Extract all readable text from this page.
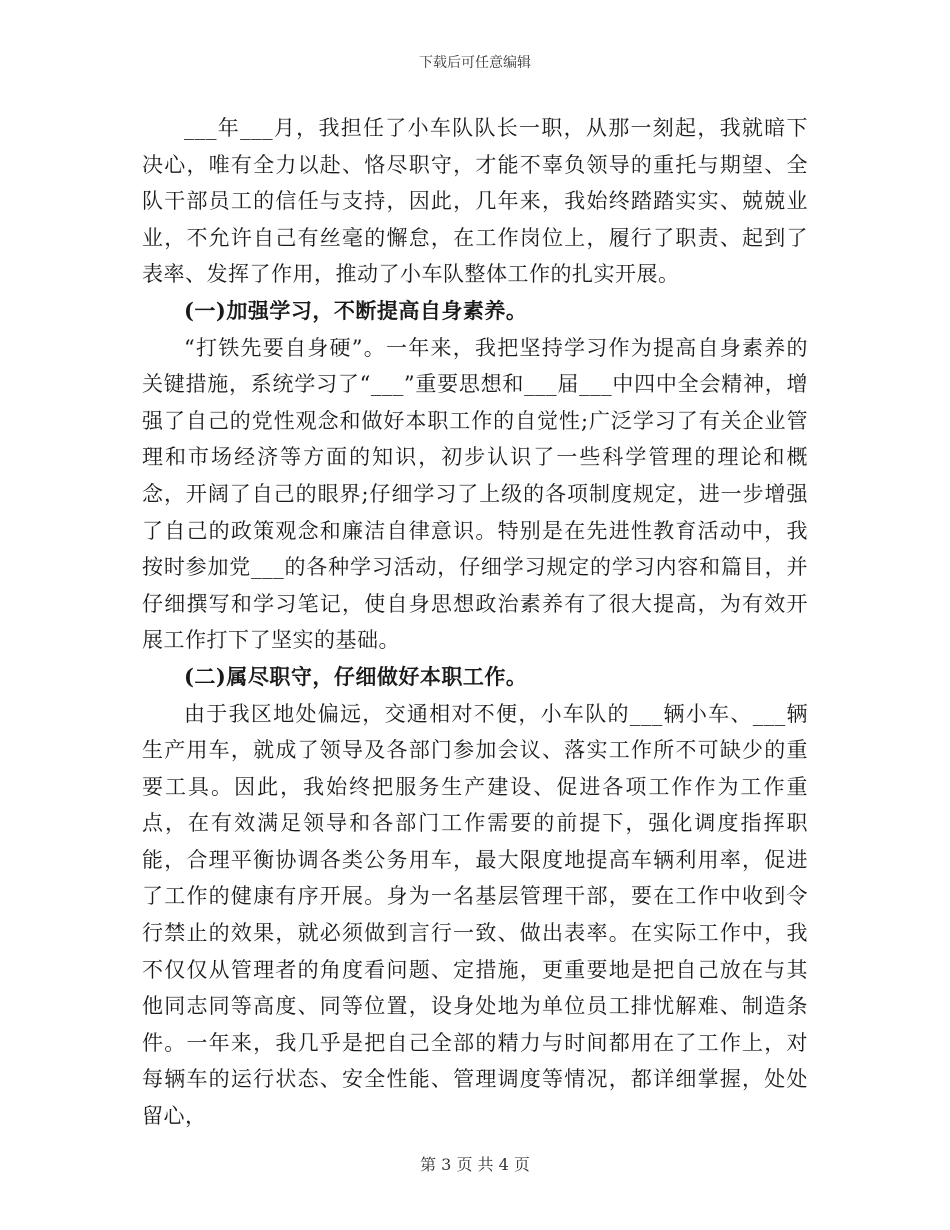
下载后可任意编辑

___年___月，我担任了小车队队长一职，从那一刻起，我就暗下决心，唯有全力以赴、恪尽职守，才能不辜负领导的重托与期望、全队干部员工的信任与支持，因此，几年来，我始终踏踏实实、兢兢业业，不允许自己有丝毫的懈怠，在工作岗位上，履行了职责、起到了表率、发挥了作用，推动了小车队整体工作的扎实开展。

(一)加强学习，不断提高自身素养。

“打铁先要自身硬”。一年来，我把坚持学习作为提高自身素养的关键措施，系统学习了“___”重要思想和___届___中四中全会精神，增强了自己的党性观念和做好本职工作的自觉性;广泛学习了有关企业管理和市场经济等方面的知识，初步认识了一些科学管理的理论和概念，开阔了自己的眼界;仔细学习了上级的各项制度规定，进一步增强了自己的政策观念和廉洁自律意识。特别是在先进性教育活动中，我按时参加党___的各种学习活动，仔细学习规定的学习内容和篇目，并仔细撰写和学习笔记，使自身思想政治素养有了很大提高，为有效开展工作打下了坚实的基础。

(二)属尽职守，仔细做好本职工作。

由于我区地处偏远，交通相对不便，小车队的___辆小车、___辆生产用车，就成了领导及各部门参加会议、落实工作所不可缺少的重要工具。因此，我始终把服务生产建设、促进各项工作作为工作重点，在有效满足领导和各部门工作需要的前提下，强化调度指挥职能，合理平衡协调各类公务用车，最大限度地提高车辆利用率，促进了工作的健康有序开展。身为一名基层管理干部，要在工作中收到令行禁止的效果，就必须做到言行一致、做出表率。在实际工作中，我不仅仅从管理者的角度看问题、定措施，更重要地是把自己放在与其他同志同等高度、同等位置，设身处地为单位员工排忧解难、制造条件。一年来，我几乎是把自己全部的精力与时间都用在了工作上，对每辆车的运行状态、安全性能、管理调度等情况，都详细掌握，处处留心，

第 3 页 共 4 页
